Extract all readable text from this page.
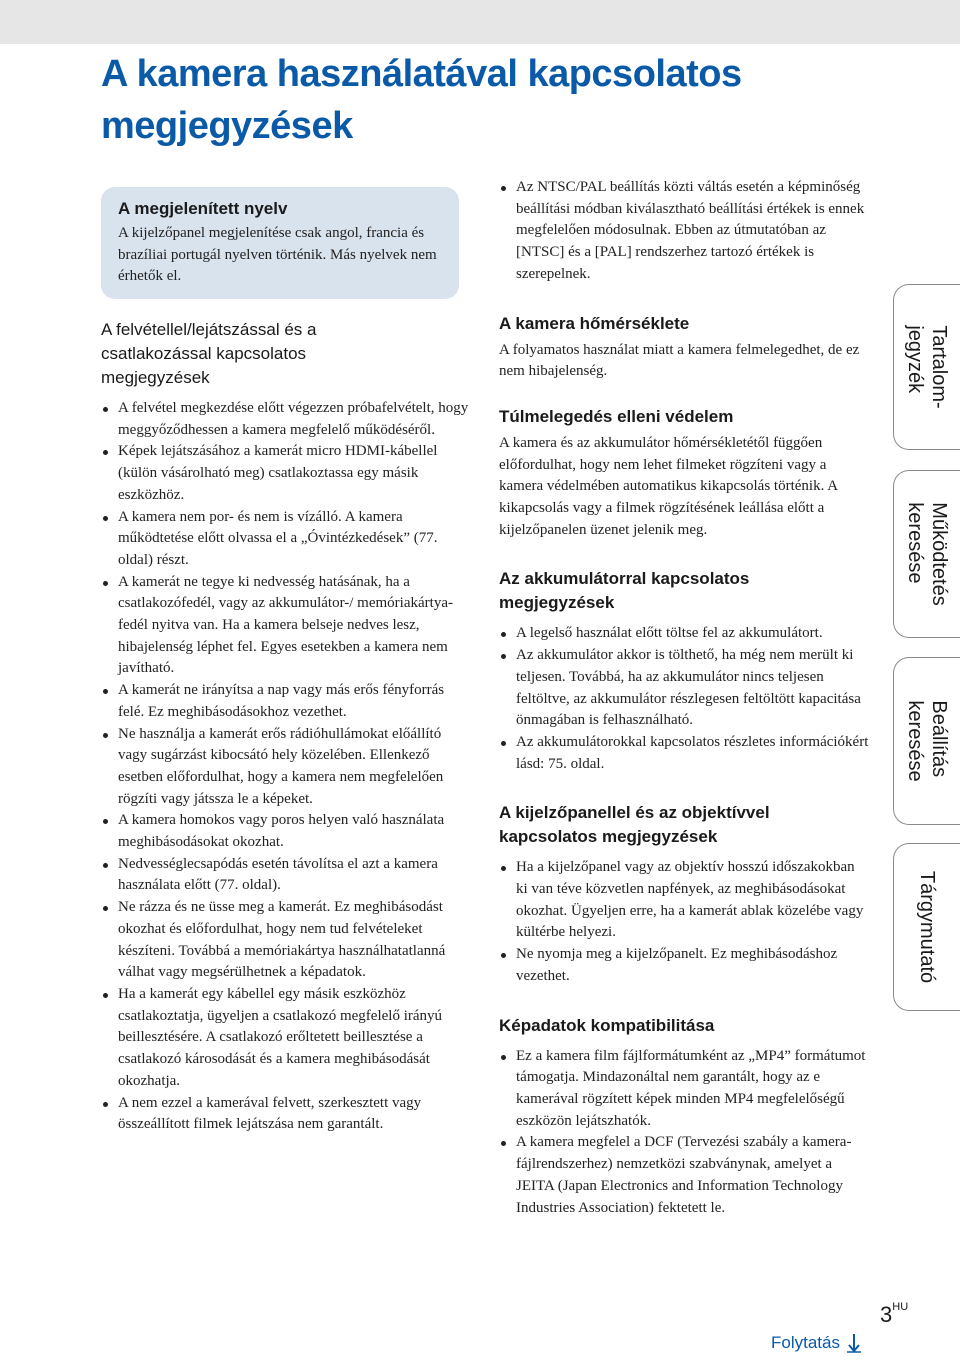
A kamera használatával kapcsolatos megjegyzések
A megjelenített nyelv
A kijelzőpanel megjelenítése csak angol, francia és brazíliai portugál nyelven történik. Más nyelvek nem érhetők el.
A felvétellel/lejátszással és a csatlakozással kapcsolatos megjegyzések
A felvétel megkezdése előtt végezzen próbafelvételt, hogy meggyőződhessen a kamera megfelelő működéséről.
Képek lejátszásához a kamerát micro HDMI-kábellel (külön vásárolható meg) csatlakoztassa egy másik eszközhöz.
A kamera nem por- és nem is vízálló. A kamera működtetése előtt olvassa el a „Óvintézkedések” (77. oldal) részt.
A kamerát ne tegye ki nedvesség hatásának, ha a csatlakozófedél, vagy az akkumulátor-/ memóriakártya-fedél nyitva van. Ha a kamera belseje nedves lesz, hibajelenség léphet fel. Egyes esetekben a kamera nem javítható.
A kamerát ne irányítsa a nap vagy más erős fényforrás felé. Ez meghibásodásokhoz vezethet.
Ne használja a kamerát erős rádióhullámokat előállító vagy sugárzást kibocsátó hely közelében. Ellenkező esetben előfordulhat, hogy a kamera nem megfelelően rögzíti vagy játssza le a képeket.
A kamera homokos vagy poros helyen való használata meghibásodásokat okozhat.
Nedvességlecsapódás esetén távolítsa el azt a kamera használata előtt (77. oldal).
Ne rázza és ne üsse meg a kamerát. Ez meghibásodást okozhat és előfordulhat, hogy nem tud felvételeket készíteni. Továbbá a memóriakártya használhatatlanná válhat vagy megsérülhetnek a képadatok.
Ha a kamerát egy kábellel egy másik eszközhöz csatlakoztatja, ügyeljen a csatlakozó megfelelő irányú beillesztésére. A csatlakozó erőltetett beillesztése a csatlakozó károsodását és a kamera meghibásodását okozhatja.
A nem ezzel a kamerával felvett, szerkesztett vagy összeállított filmek lejátszása nem garantált.
Az NTSC/PAL beállítás közti váltás esetén a képminőség beállítási módban kiválasztható beállítási értékek is ennek megfelelően módosulnak. Ebben az útmutatóban az [NTSC] és a [PAL] rendszerhez tartozó értékek is szerepelnek.
A kamera hőmérséklete
A folyamatos használat miatt a kamera felmelegedhet, de ez nem hibajelenség.
Túlmelegedés elleni védelem
A kamera és az akkumulátor hőmérsékletétől függően előfordulhat, hogy nem lehet filmeket rögzíteni vagy a kamera védelmében automatikus kikapcsolás történik. A kikapcsolás vagy a filmek rögzítésének leállása előtt a kijelzőpanelen üzenet jelenik meg.
Az akkumulátorral kapcsolatos megjegyzések
A legelső használat előtt töltse fel az akkumulátort.
Az akkumulátor akkor is tölthető, ha még nem merült ki teljesen. Továbbá, ha az akkumulátor nincs teljesen feltöltve, az akkumulátor részlegesen feltöltött kapacitása önmagában is felhasználható.
Az akkumulátorokkal kapcsolatos részletes információkért lásd: 75. oldal.
A kijelzőpanellel és az objektívvel kapcsolatos megjegyzések
Ha a kijelzőpanel vagy az objektív hosszú időszakokban ki van téve közvetlen napfények, az meghibásodásokat okozhat. Ügyeljen erre, ha a kamerát ablak közelébe vagy kültérbe helyezi.
Ne nyomja meg a kijelzőpanelt. Ez meghibásodáshoz vezethet.
Képadatok kompatibilitása
Ez a kamera film fájlformátumként az „MP4” formátumot támogatja. Mindazonáltal nem garantált, hogy az e kamerával rögzített képek minden MP4 megfelelőségű eszközön lejátszhatók.
A kamera megfelel a DCF (Tervezési szabály a kamera-fájlrendszerhez) nemzetközi szabványnak, amelyet a JEITA (Japan Electronics and Information Technology Industries Association) fektetett le.
Tartalom-
jegyzék
Működtetés
keresése
Beállítás
keresése
Tárgymutató
$3^{HU}$
Folytatás
